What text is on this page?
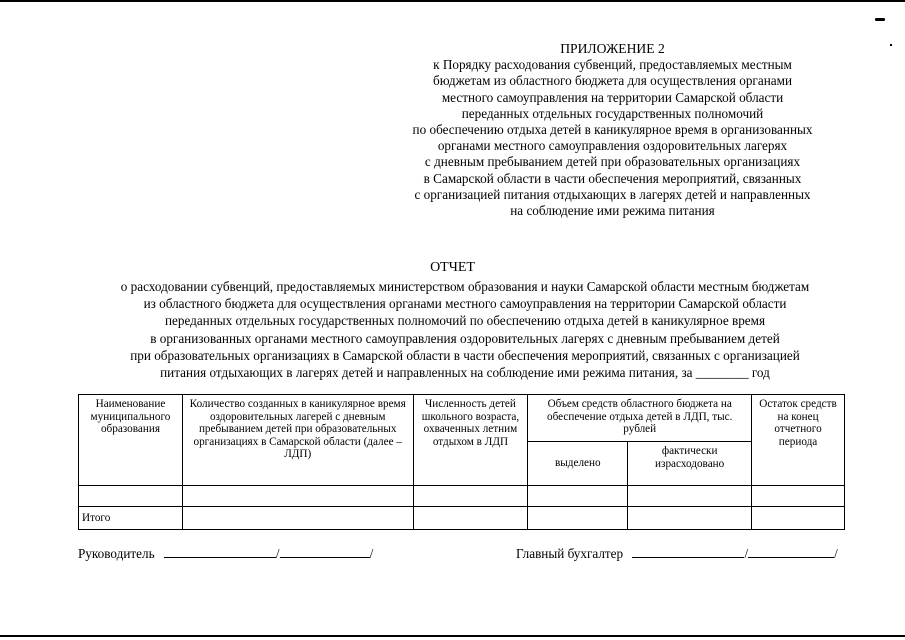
ПРИЛОЖЕНИЕ 2
к Порядку расходования субвенций, предоставляемых местным
бюджетам из областного бюджета для осуществления органами
местного самоуправления на территории Самарской области
переданных отдельных государственных полномочий
по обеспечению отдыха детей в каникулярное время в организованных
органами местного самоуправления оздоровительных лагерях
с дневным пребыванием детей при образовательных организациях
в Самарской области в части обеспечения мероприятий, связанных
с организацией питания отдыхающих в лагерях детей и направленных
на соблюдение ими режима питания
ОТЧЕТ
о расходовании субвенций, предоставляемых министерством образования и науки Самарской области местным бюджетам
из областного бюджета для осуществления органами местного самоуправления на территории Самарской области
переданных отдельных государственных полномочий по обеспечению отдыха детей в каникулярное время
в организованных органами местного самоуправления оздоровительных лагерях с дневным пребыванием детей
при образовательных организациях в Самарской области в части обеспечения мероприятий, связанных с организацией
питания отдыхающих в лагерях детей и направленных на соблюдение ими режима питания, за ________ год
Наименование муниципального образования	Количество созданных в каникулярное время оздоровительных лагерей с дневным пребыванием детей при образовательных организациях в Самарской области (далее – ЛДП)	Численность детей школьного возраста, охваченных летним отдыхом в ЛДП	Объем средств областного бюджета на обеспечение отдыха детей в ЛДП, тыс. рублей		Остаток средств на конец отчетного периода
			выделено	фактически израсходовано	

Итого					
Руководитель	/	/	Главный бухгалтер	/	/
